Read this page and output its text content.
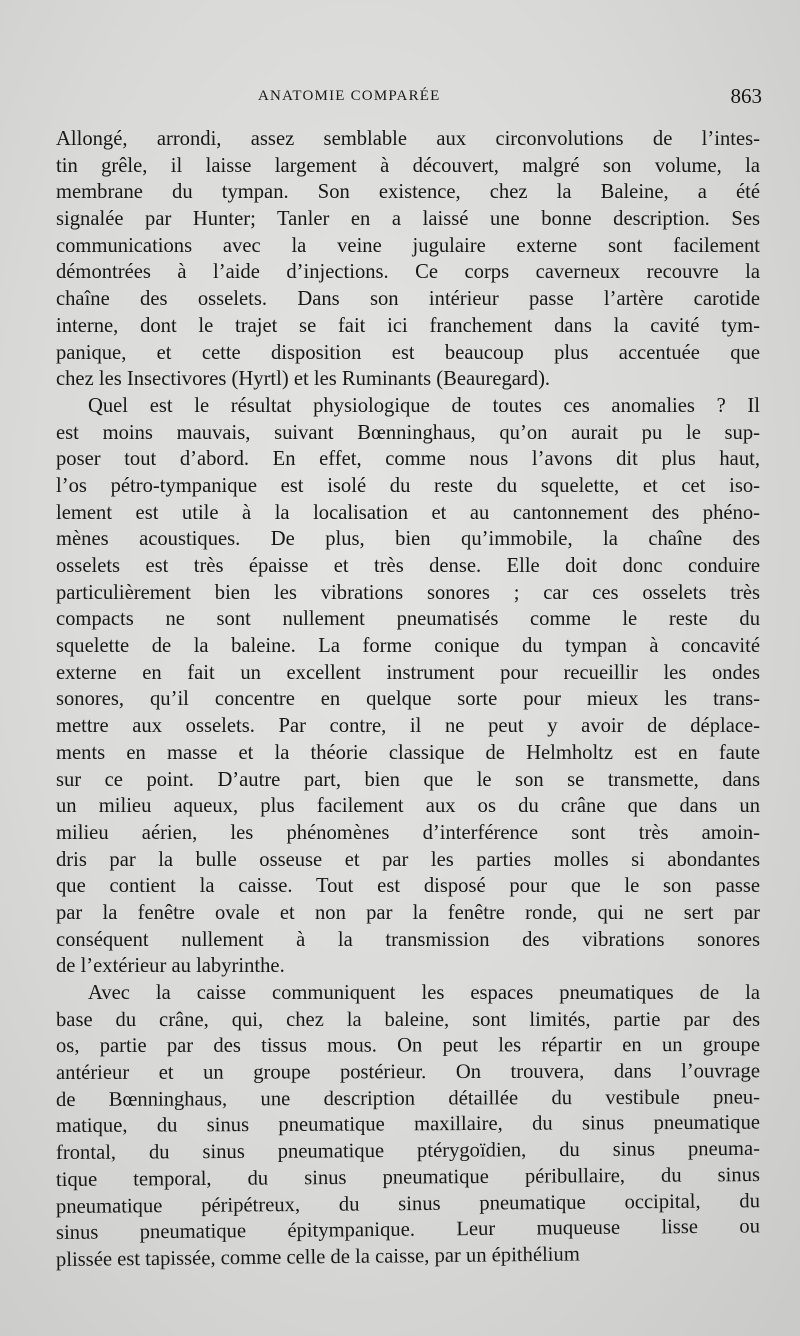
ANATOMIE COMPARÉE	863
Allongé, arrondi, assez semblable aux circonvolutions de l’intes-
tin grêle, il laisse largement à découvert, malgré son volume, la
membrane du tympan. Son existence, chez la Baleine, a été
signalée par Hunter; Tanler en a laissé une bonne description. Ses
communications avec la veine jugulaire externe sont facilement
démontrées à l’aide d’injections. Ce corps caverneux recouvre la
chaîne des osselets. Dans son intérieur passe l’artère carotide
interne, dont le trajet se fait ici franchement dans la cavité tym-
panique, et cette disposition est beaucoup plus accentuée que
chez les Insectivores (Hyrtl) et les Ruminants (Beauregard).
Quel est le résultat physiologique de toutes ces anomalies ? Il
est moins mauvais, suivant Bœnninghaus, qu’on aurait pu le sup-
poser tout d’abord. En effet, comme nous l’avons dit plus haut,
l’os pétro-tympanique est isolé du reste du squelette, et cet iso-
lement est utile à la localisation et au cantonnement des phéno-
mènes acoustiques. De plus, bien qu’immobile, la chaîne des
osselets est très épaisse et très dense. Elle doit donc conduire
particulièrement bien les vibrations sonores ; car ces osselets très
compacts ne sont nullement pneumatisés comme le reste du
squelette de la baleine. La forme conique du tympan à concavité
externe en fait un excellent instrument pour recueillir les ondes
sonores, qu’il concentre en quelque sorte pour mieux les trans-
mettre aux osselets. Par contre, il ne peut y avoir de déplace-
ments en masse et la théorie classique de Helmholtz est en faute
sur ce point. D’autre part, bien que le son se transmette, dans
un milieu aqueux, plus facilement aux os du crâne que dans un
milieu aérien, les phénomènes d’interférence sont très amoin-
dris par la bulle osseuse et par les parties molles si abondantes
que contient la caisse. Tout est disposé pour que le son passe
par la fenêtre ovale et non par la fenêtre ronde, qui ne sert par
conséquent nullement à la transmission des vibrations sonores
de l’extérieur au labyrinthe.
Avec la caisse communiquent les espaces pneumatiques de la
base du crâne, qui, chez la baleine, sont limités, partie par des
os, partie par des tissus mous. On peut les répartir en un groupe
antérieur et un groupe postérieur. On trouvera, dans l’ouvrage
de Bœnninghaus, une description détaillée du vestibule pneu-
matique, du sinus pneumatique maxillaire, du sinus pneumatique
frontal, du sinus pneumatique ptérygoïdien, du sinus pneuma-
tique temporal, du sinus pneumatique péribullaire, du sinus
pneumatique péripétreux, du sinus pneumatique occipital, du
sinus pneumatique épitympanique. Leur muqueuse lisse ou
plissée est tapissée, comme celle de la caisse, par un épithélium
